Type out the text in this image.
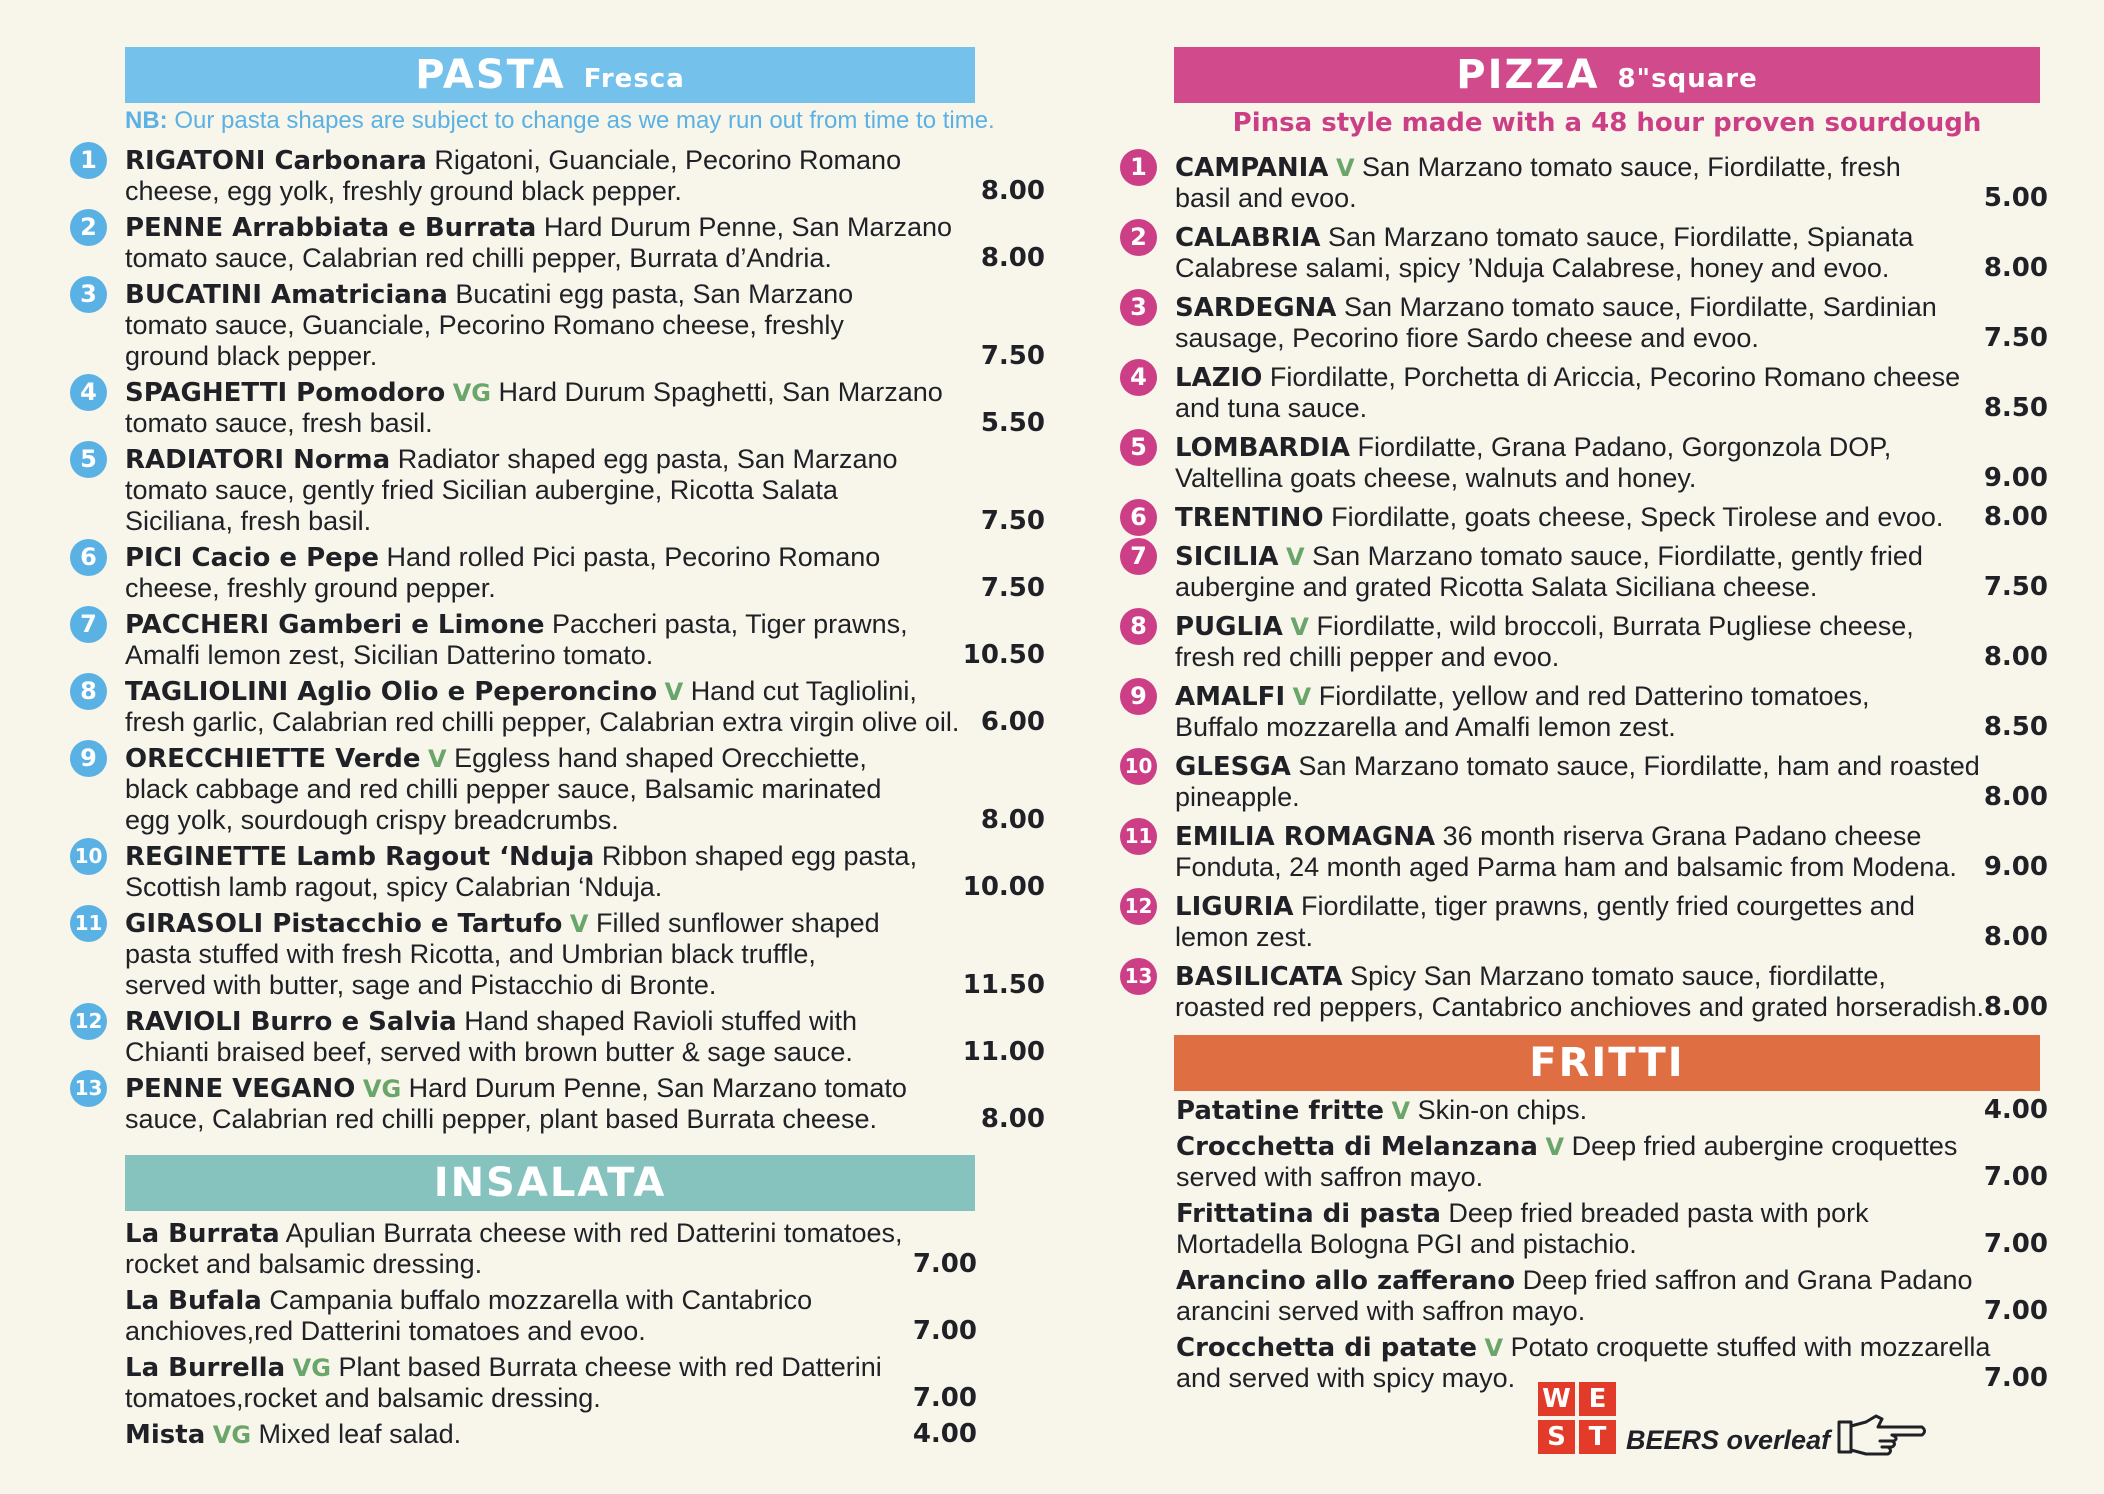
PASTA Fresca
NB: Our pasta shapes are subject to change as we may run out from time to time.
1	RIGATONI Carbonara Rigatoni, Guanciale, Pecorino Romano
cheese, egg yolk, freshly ground black pepper.	8.00
2	PENNE Arrabbiata e Burrata Hard Durum Penne, San Marzano
tomato sauce, Calabrian red chilli pepper, Burrata d’Andria.	8.00
3	BUCATINI Amatriciana Bucatini egg pasta, San Marzano
tomato sauce, Guanciale, Pecorino Romano cheese, freshly
ground black pepper.	7.50
4	SPAGHETTI Pomodoro VG Hard Durum Spaghetti, San Marzano
tomato sauce, fresh basil.	5.50
5	RADIATORI Norma Radiator shaped egg pasta, San Marzano
tomato sauce, gently fried Sicilian aubergine, Ricotta Salata
Siciliana, fresh basil.	7.50
6	PICI Cacio e Pepe Hand rolled Pici pasta, Pecorino Romano
cheese, freshly ground pepper.	7.50
7	PACCHERI Gamberi e Limone Paccheri pasta, Tiger prawns,
Amalfi lemon zest, Sicilian Datterino tomato.	10.50
8	TAGLIOLINI Aglio Olio e Peperoncino V Hand cut Tagliolini,
fresh garlic, Calabrian red chilli pepper, Calabrian extra virgin olive oil. 6.00
9	ORECCHIETTE Verde V Eggless hand shaped Orecchiette,
black cabbage and red chilli pepper sauce, Balsamic marinated
egg yolk, sourdough crispy breadcrumbs.	8.00
10 REGINETTE Lamb Ragout ‘Nduja Ribbon shaped egg pasta,
Scottish lamb ragout, spicy Calabrian ‘Nduja.	10.00
11 GIRASOLI Pistacchio e Tartufo V Filled sunflower shaped
pasta stuffed with fresh Ricotta, and Umbrian black truffle,
served with butter, sage and Pistacchio di Bronte.	11.50
12 RAVIOLI Burro e Salvia Hand shaped Ravioli stuffed with
Chianti braised beef, served with brown butter & sage sauce.	11.00
13 PENNE VEGANO VG Hard Durum Penne, San Marzano tomato
sauce, Calabrian red chilli pepper, plant based Burrata cheese.	8.00
INSALATA
La Burrata Apulian Burrata cheese with red Datterini tomatoes,
rocket and balsamic dressing.	7.00
La Bufala Campania buffalo mozzarella with Cantabrico
anchioves,red Datterini tomatoes and evoo.	7.00
La Burrella VG Plant based Burrata cheese with red Datterini
tomatoes,rocket and balsamic dressing.	7.00
Mista VG Mixed leaf salad.	4.00
PIZZA 8"square
Pinsa style made with a 48 hour proven sourdough
1	CAMPANIA V San Marzano tomato sauce, Fiordilatte, fresh
basil and evoo.	5.00
2	CALABRIA San Marzano tomato sauce, Fiordilatte, Spianata
Calabrese salami, spicy ’Nduja Calabrese, honey and evoo.	8.00
3	SARDEGNA San Marzano tomato sauce, Fiordilatte, Sardinian
sausage, Pecorino fiore Sardo cheese and evoo.	7.50
4	LAZIO Fiordilatte, Porchetta di Ariccia, Pecorino Romano cheese
and tuna sauce.	8.50
5	LOMBARDIA Fiordilatte, Grana Padano, Gorgonzola DOP,
Valtellina goats cheese, walnuts and honey.	9.00
6	TRENTINO Fiordilatte, goats cheese, Speck Tirolese and evoo.	8.00
7	SICILIA V San Marzano tomato sauce, Fiordilatte, gently fried
aubergine and grated Ricotta Salata Siciliana cheese.	7.50
8	PUGLIA V Fiordilatte, wild broccoli, Burrata Pugliese cheese,
fresh red chilli pepper and evoo.	8.00
9	AMALFI V Fiordilatte, yellow and red Datterino tomatoes,
Buffalo mozzarella and Amalfi lemon zest.	8.50
10 GLESGA San Marzano tomato sauce, Fiordilatte, ham and roasted
pineapple.	8.00
11 EMILIA ROMAGNA 36 month riserva Grana Padano cheese
Fonduta, 24 month aged Parma ham and balsamic from Modena.	9.00
12 LIGURIA Fiordilatte, tiger prawns, gently fried courgettes and
lemon zest.	8.00
13 BASILICATA Spicy San Marzano tomato sauce, fiordilatte,
roasted red peppers, Cantabrico anchioves and grated horseradish. 8.00
FRITTI
Patatine fritte V Skin-on chips.	4.00
Crocchetta di Melanzana V Deep fried aubergine croquettes
served with saffron mayo.	7.00
Frittatina di pasta Deep fried breaded pasta with pork
Mortadella Bologna PGI and pistachio.	7.00
Arancino allo zafferano Deep fried saffron and Grana Padano
arancini served with saffron mayo.	7.00
Crocchetta di patate V Potato croquette stuffed with mozzarella
and served with spicy mayo.	7.00
W E
S T BEERS overleaf
